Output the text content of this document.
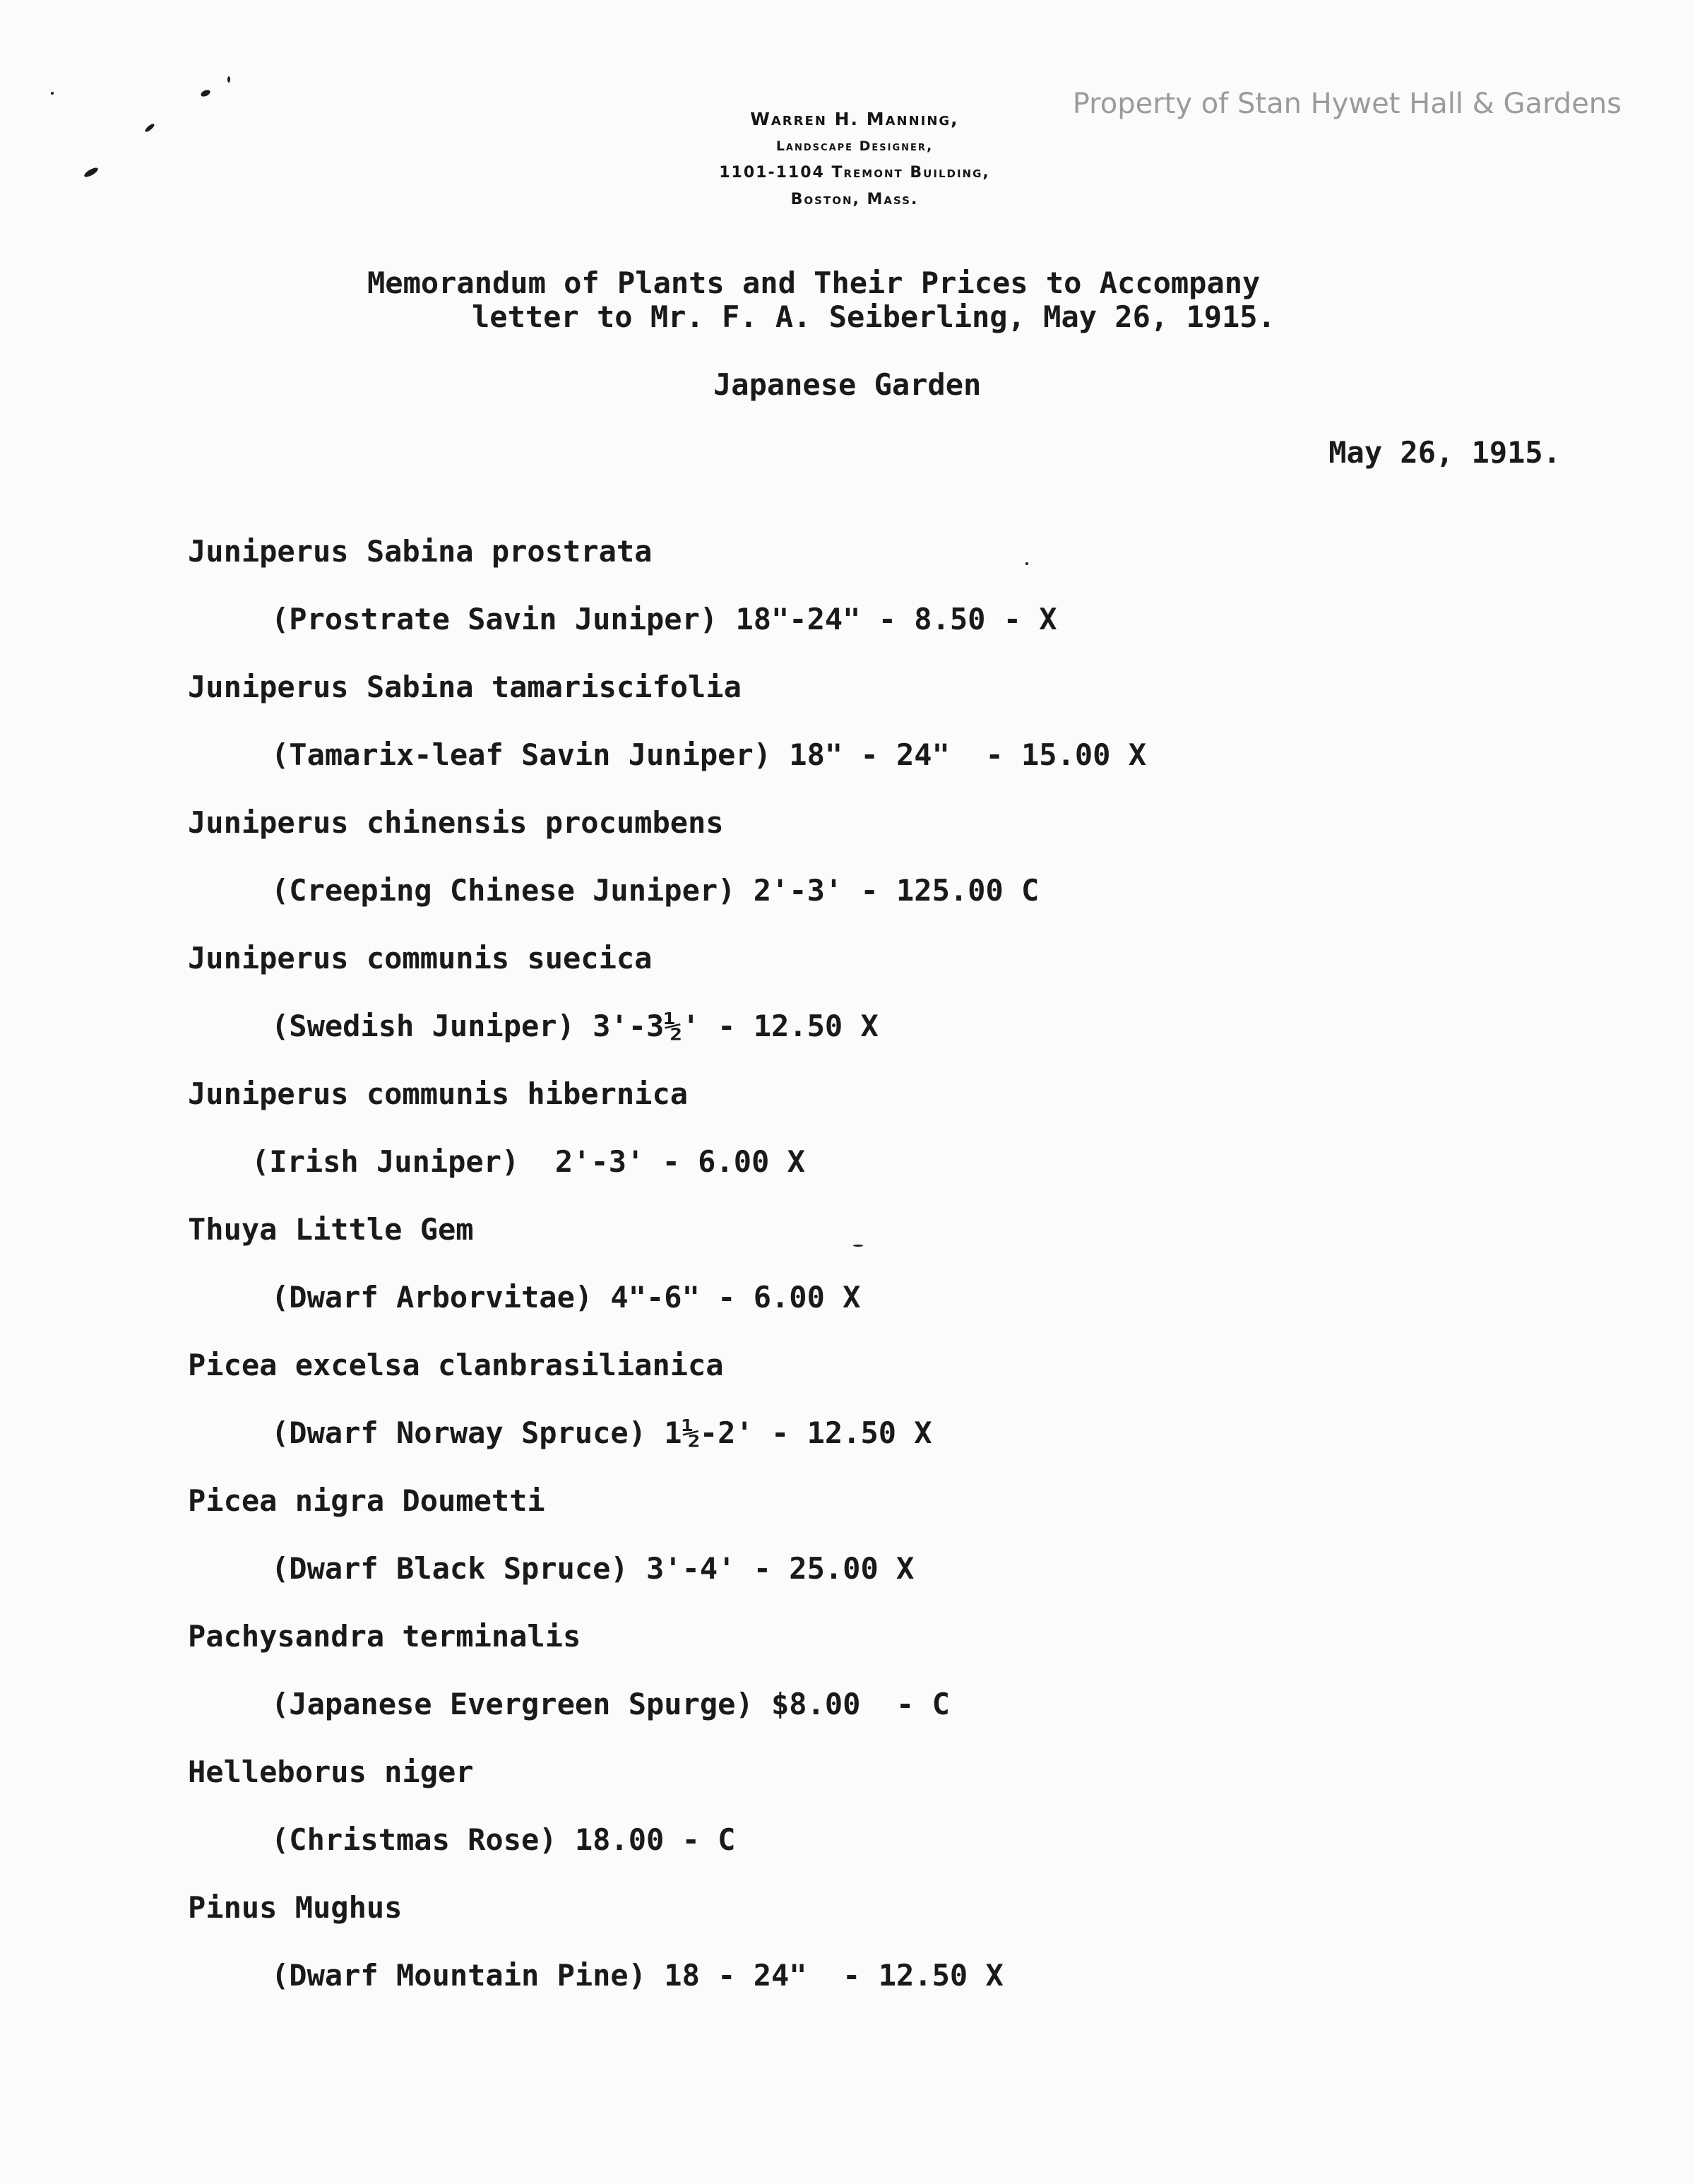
Property of Stan Hywet Hall & Gardens
Warren H. Manning,
Landscape Designer,
1101-1104 Tremont Building,
Boston, Mass.
Memorandum of Plants and Their Prices to Accompany
letter to Mr. F. A. Seiberling, May 26, 1915.
Japanese Garden
May 26, 1915.
Juniperus Sabina prostrata
(Prostrate Savin Juniper) 18"-24" - 8.50 - X
Juniperus Sabina tamariscifolia
(Tamarix-leaf Savin Juniper) 18" - 24"  - 15.00 X
Juniperus chinensis procumbens
(Creeping Chinese Juniper) 2'-3' - 125.00 C
Juniperus communis suecica
(Swedish Juniper) 3'-3½' - 12.50 X
Juniperus communis hibernica
(Irish Juniper)  2'-3' - 6.00 X
Thuya Little Gem
(Dwarf Arborvitae) 4"-6" - 6.00 X
Picea excelsa clanbrasilianica
(Dwarf Norway Spruce) 1½-2' - 12.50 X
Picea nigra Doumetti
(Dwarf Black Spruce) 3'-4' - 25.00 X
Pachysandra terminalis
(Japanese Evergreen Spurge) $8.00  - C
Helleborus niger
(Christmas Rose) 18.00 - C
Pinus Mughus
(Dwarf Mountain Pine) 18 - 24"  - 12.50 X
